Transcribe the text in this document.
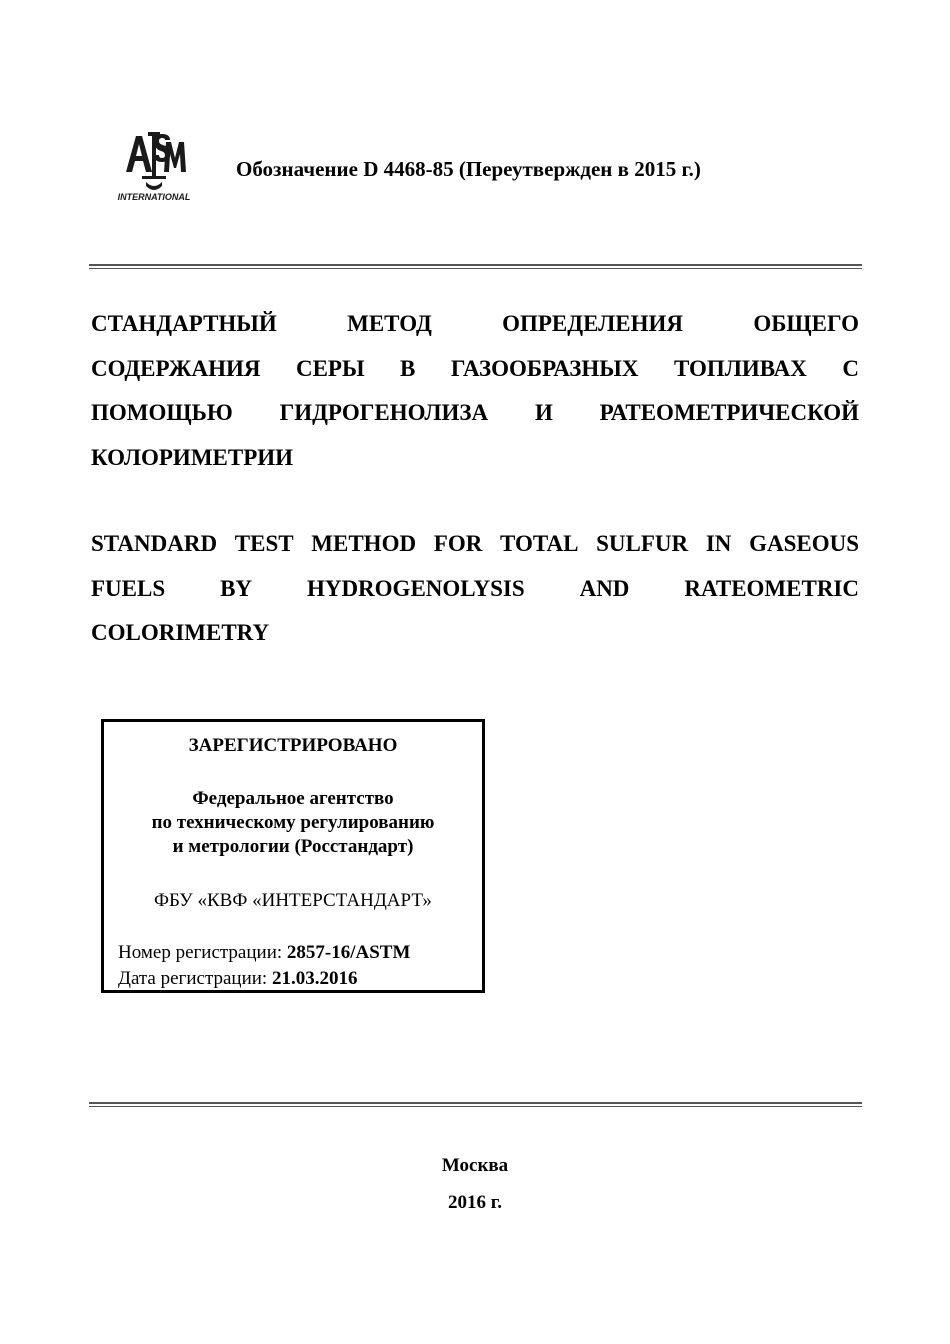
INTERNATIONAL
Обозначение D 4468-85 (Переутвержден в 2015 г.)
СТАНДАРТНЫЙ	МЕТОД	ОПРЕДЕЛЕНИЯ	ОБЩЕГО
СОДЕРЖАНИЯ СЕРЫ В ГАЗООБРАЗНЫХ ТОПЛИВАХ С
ПОМОЩЬЮ ГИДРОГЕНОЛИЗА И РАТЕОМЕТРИЧЕСКОЙ
КОЛОРИМЕТРИИ
STANDARD TEST METHOD FOR TOTAL SULFUR IN GASEOUS
FUELS BY HYDROGENOLYSIS AND RATEOMETRIC
COLORIMETRY
ЗАРЕГИСТРИРОВАНО
Федеральное агентство
по техническому регулированию
и метрологии (Росстандарт)
ФБУ «КВФ «ИНТЕРСТАНДАРТ»
Номер регистрации: 2857-16/ASTM
Дата регистрации: 21.03.2016
Москва
2016 г.
